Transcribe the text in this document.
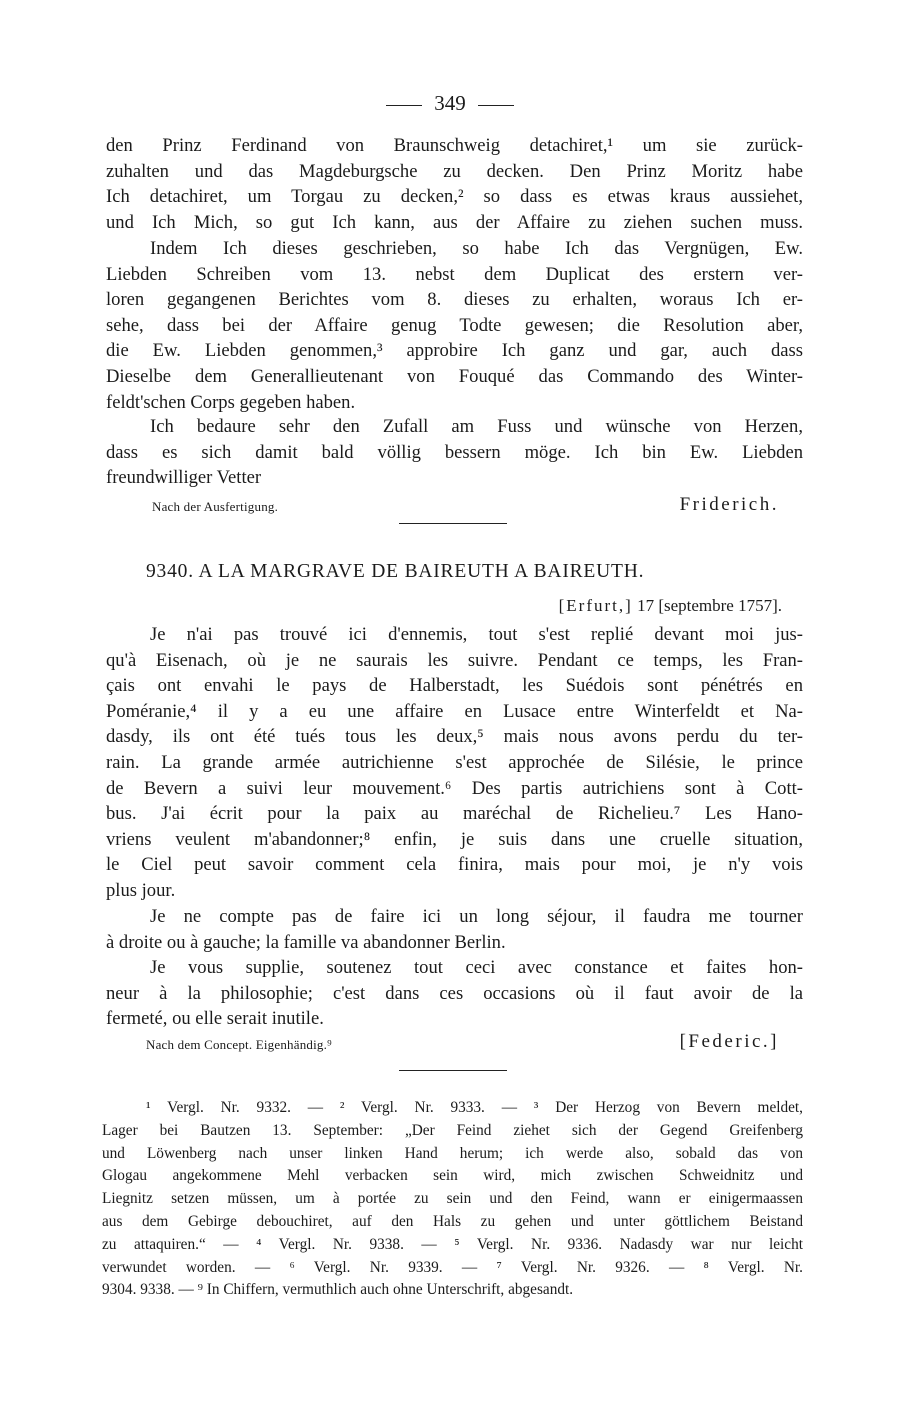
349
den Prinz Ferdinand von Braunschweig detachiret,¹ um sie zurück-
zuhalten und das Magdeburgsche zu decken. Den Prinz Moritz habe
Ich detachiret, um Torgau zu decken,² so dass es etwas kraus aussiehet,
und Ich Mich, so gut Ich kann, aus der Affaire zu ziehen suchen muss.
Indem Ich dieses geschrieben, so habe Ich das Vergnügen, Ew.
Liebden Schreiben vom 13. nebst dem Duplicat des erstern ver-
loren gegangenen Berichtes vom 8. dieses zu erhalten, woraus Ich er-
sehe, dass bei der Affaire genug Todte gewesen; die Resolution aber,
die Ew. Liebden genommen,³ approbire Ich ganz und gar, auch dass
Dieselbe dem Generallieutenant von Fouqué das Commando des Winter-
feldt'schen Corps gegeben haben.
Ich bedaure sehr den Zufall am Fuss und wünsche von Herzen,
dass es sich damit bald völlig bessern möge. Ich bin Ew. Liebden
freundwilliger Vetter
Nach der Ausfertigung.	Friderich.
9340. A LA MARGRAVE DE BAIREUTH A BAIREUTH.
[Erfurt,] 17 [septembre 1757].
Je n'ai pas trouvé ici d'ennemis, tout s'est replié devant moi jus-
qu'à Eisenach, où je ne saurais les suivre. Pendant ce temps, les Fran-
çais ont envahi le pays de Halberstadt, les Suédois sont pénétrés en
Poméranie,⁴ il y a eu une affaire en Lusace entre Winterfeldt et Na-
dasdy, ils ont été tués tous les deux,⁵ mais nous avons perdu du ter-
rain. La grande armée autrichienne s'est approchée de Silésie, le prince
de Bevern a suivi leur mouvement.⁶ Des partis autrichiens sont à Cott-
bus. J'ai écrit pour la paix au maréchal de Richelieu.⁷ Les Hano-
vriens veulent m'abandonner;⁸ enfin, je suis dans une cruelle situation,
le Ciel peut savoir comment cela finira, mais pour moi, je n'y vois
plus jour.
Je ne compte pas de faire ici un long séjour, il faudra me tourner
à droite ou à gauche; la famille va abandonner Berlin.
Je vous supplie, soutenez tout ceci avec constance et faites hon-
neur à la philosophie; c'est dans ces occasions où il faut avoir de la
fermeté, ou elle serait inutile.
Nach dem Concept. Eigenhändig.⁹	[Federic.]
¹ Vergl. Nr. 9332. — ² Vergl. Nr. 9333. — ³ Der Herzog von Bevern meldet,
Lager bei Bautzen 13. September: „Der Feind ziehet sich der Gegend Greifenberg
und Löwenberg nach unser linken Hand herum; ich werde also, sobald das von
Glogau angekommene Mehl verbacken sein wird, mich zwischen Schweidnitz und
Liegnitz setzen müssen, um à portée zu sein und den Feind, wann er einigermaassen
aus dem Gebirge debouchiret, auf den Hals zu gehen und unter göttlichem Beistand
zu attaquiren.“ — ⁴ Vergl. Nr. 9338. — ⁵ Vergl. Nr. 9336. Nadasdy war nur leicht
verwundet worden. — ⁶ Vergl. Nr. 9339. — ⁷ Vergl. Nr. 9326. — ⁸ Vergl. Nr.
9304. 9338. — ⁹ In Chiffern, vermuthlich auch ohne Unterschrift, abgesandt.
